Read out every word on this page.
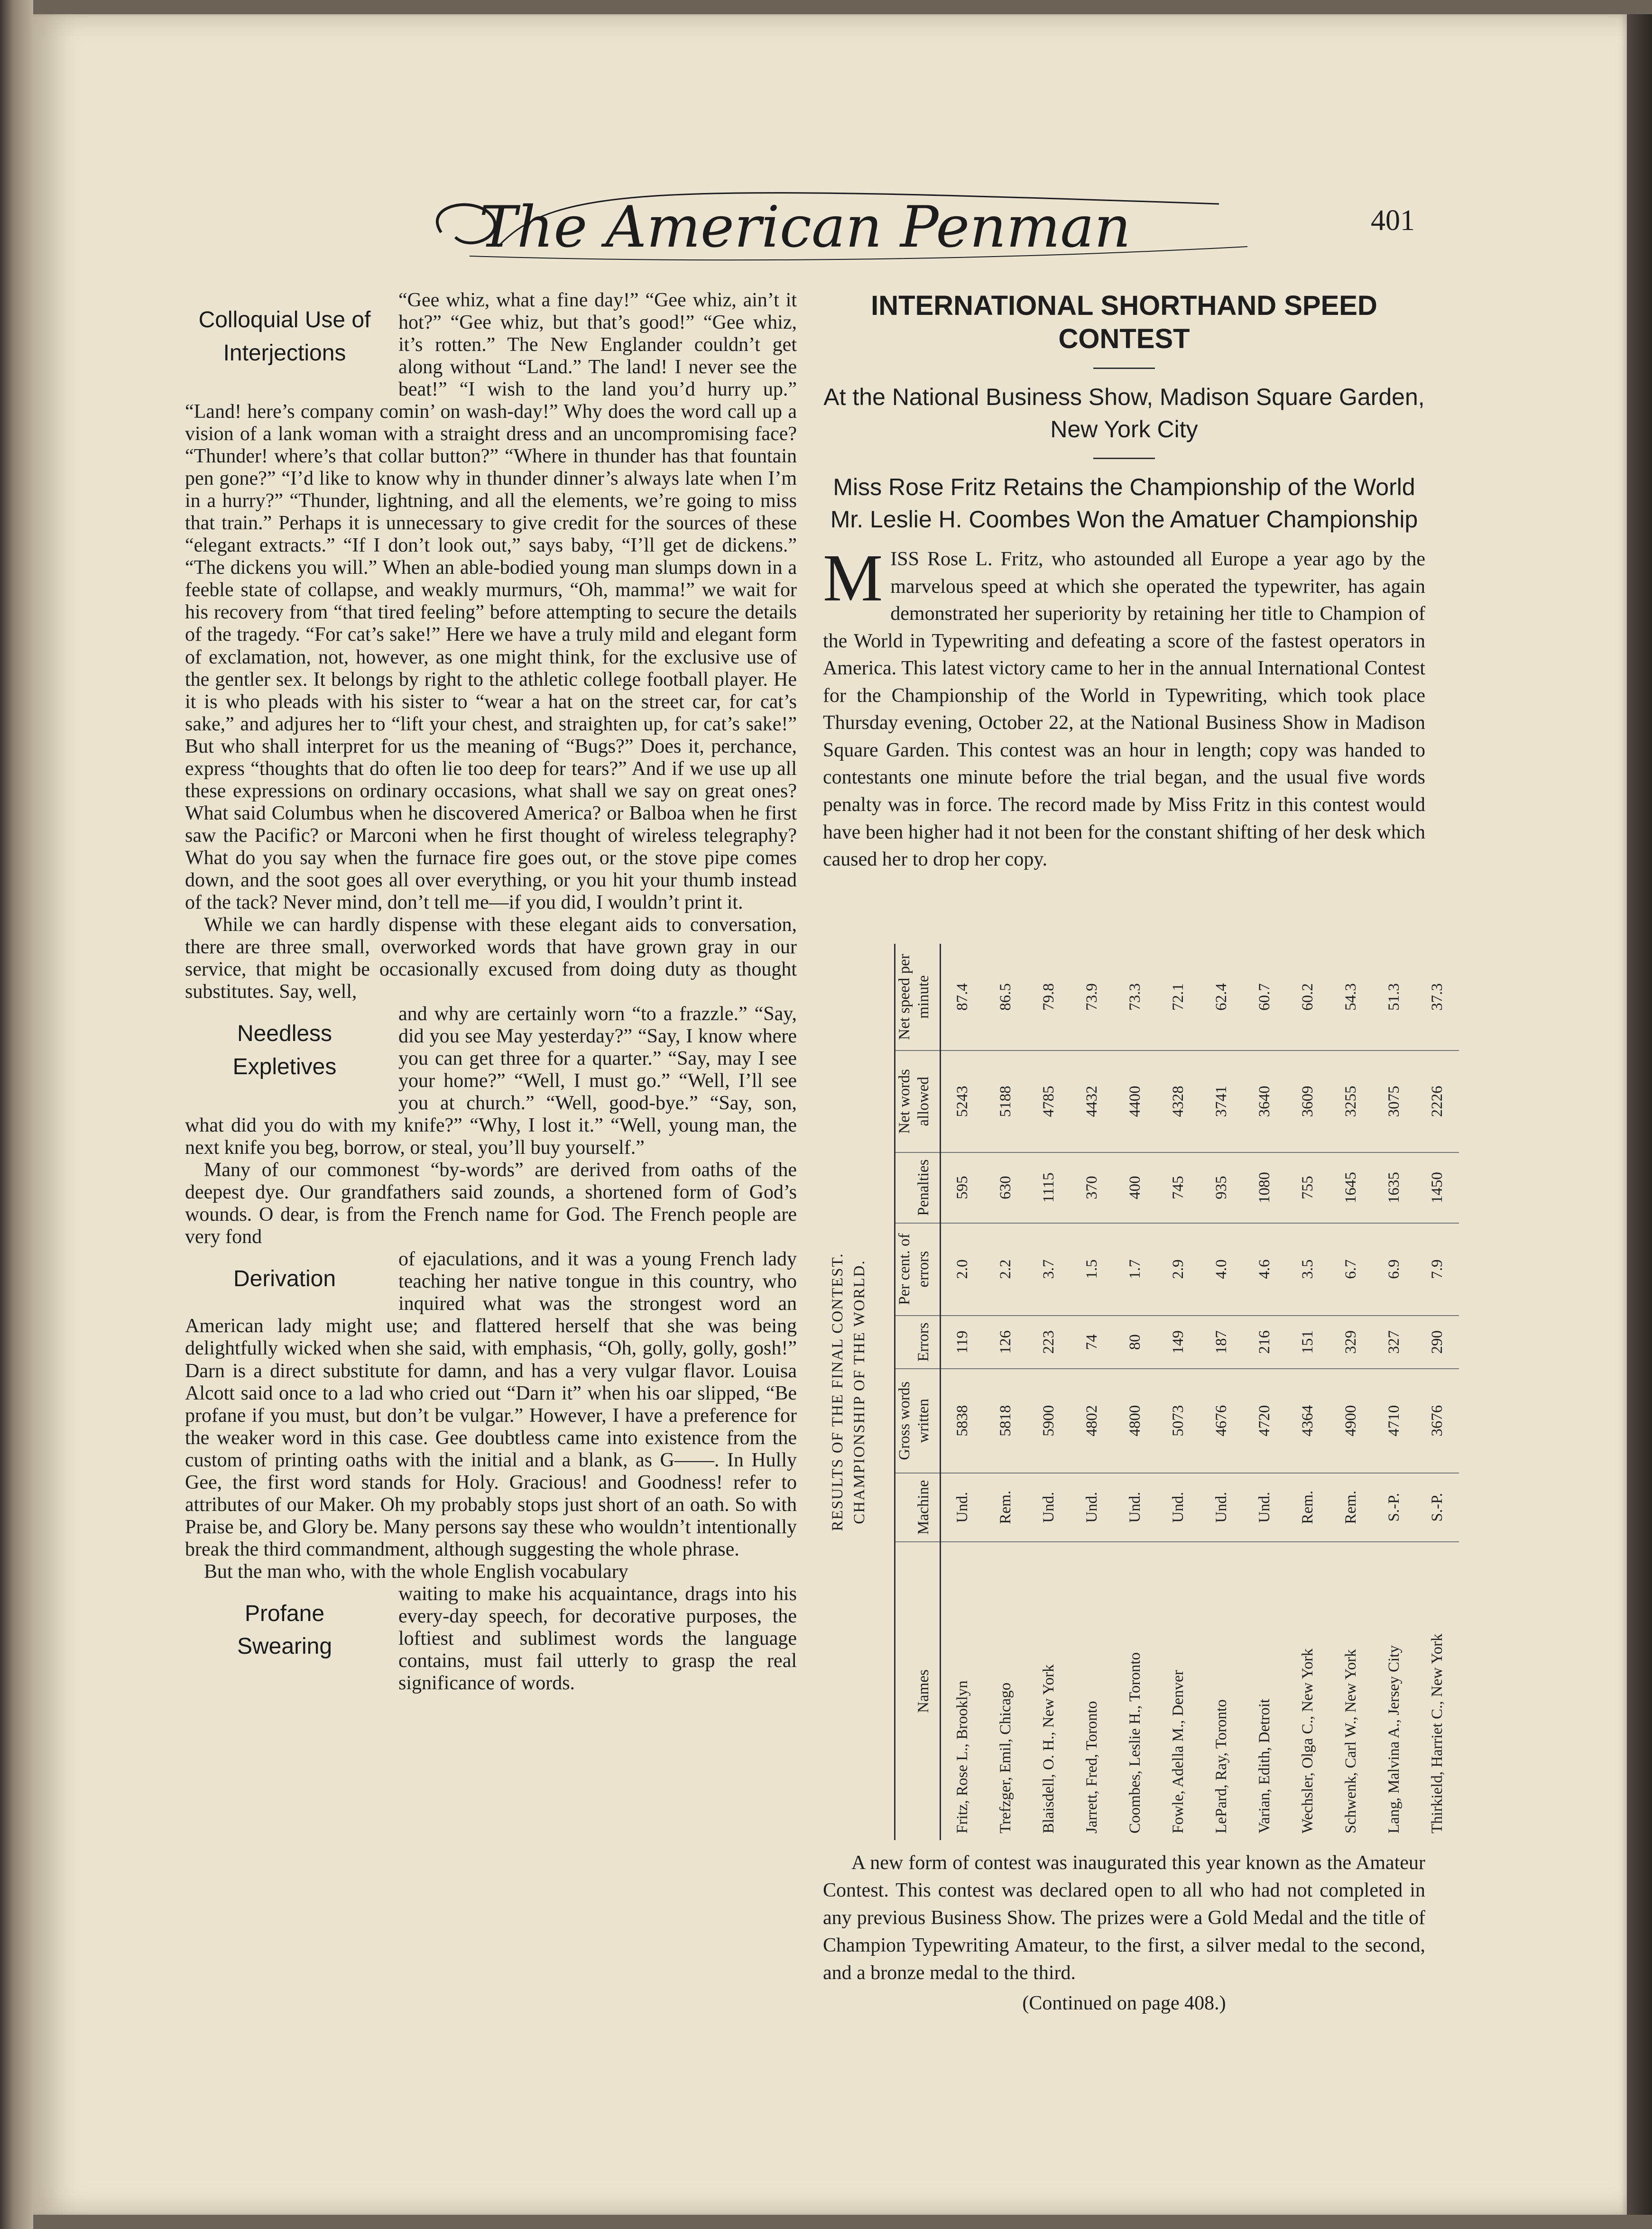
The American Penman	401
Colloquial Use of
Interjections

“Gee whiz, what a fine day!” “Gee whiz, ain’t it hot?” “Gee whiz, but that’s good!” “Gee whiz, it’s rotten.” The New Englander couldn’t get along without “Land.” The land! I never see the beat!” “I wish to the land you’d hurry up.” “Land! here’s company comin’ on wash-day!” Why does the word call up a vision of a lank woman with a straight dress and an uncompromising face? “Thunder! where’s that collar button?” “Where in thunder has that fountain pen gone?” “I’d like to know why in thunder dinner’s always late when I’m in a hurry?” “Thunder, lightning, and all the elements, we’re going to miss that train.” Perhaps it is unnecessary to give credit for the sources of these “elegant extracts.” “If I don’t look out,” says baby, “I’ll get de dickens.” “The dickens you will.” When an able-bodied young man slumps down in a feeble state of collapse, and weakly murmurs, “Oh, mamma!” we wait for his recovery from “that tired feeling” before attempting to secure the details of the tragedy. “For cat’s sake!” Here we have a truly mild and elegant form of exclamation, not, however, as one might think, for the exclusive use of the gentler sex. It belongs by right to the athletic college football player. He it is who pleads with his sister to “wear a hat on the street car, for cat’s sake,” and adjures her to “lift your chest, and straighten up, for cat’s sake!” But who shall interpret for us the meaning of “Bugs?” Does it, perchance, express “thoughts that do often lie too deep for tears?” And if we use up all these expressions on ordinary occasions, what shall we say on great ones? What said Columbus when he discovered America? or Balboa when he first saw the Pacific? or Marconi when he first thought of wireless telegraphy? What do you say when the furnace fire goes out, or the stove pipe comes down, and the soot goes all over everything, or you hit your thumb instead of the tack? Never mind, don’t tell me—if you did, I wouldn’t print it.

While we can hardly dispense with these elegant aids to conversation, there are three small, overworked words that have grown gray in our service, that might be occasionally excused from doing duty as thought substitutes. Say, well,

Needless
Expletives

and why are certainly worn “to a frazzle.” “Say, did you see May yesterday?” “Say, I know where you can get three for a quarter.” “Say, may I see your home?” “Well, I must go.” “Well, I’ll see you at church.” “Well, good-bye.” “Say, son, what did you do with my knife?” “Why, I lost it.” “Well, young man, the next knife you beg, borrow, or steal, you’ll buy yourself.”

Many of our commonest “by-words” are derived from oaths of the deepest dye. Our grandfathers said zounds, a shortened form of God’s wounds. O dear, is from the French name for God. The French people are very fond

Derivation

of ejaculations, and it was a young French lady teaching her native tongue in this country, who inquired what was the strongest word an American lady might use; and flattered herself that she was being delightfully wicked when she said, with emphasis, “Oh, golly, golly, gosh!” Darn is a direct substitute for damn, and has a very vulgar flavor. Louisa Alcott said once to a lad who cried out “Darn it” when his oar slipped, “Be profane if you must, but don’t be vulgar.” However, I have a preference for the weaker word in this case. Gee doubtless came into existence from the custom of printing oaths with the initial and a blank, as G——. In Hully Gee, the first word stands for Holy. Gracious! and Goodness! refer to attributes of our Maker. Oh my probably stops just short of an oath. So with Praise be, and Glory be. Many persons say these who wouldn’t intentionally break the third commandment, although suggesting the whole phrase.

But the man who, with the whole English vocabulary

Profane
Swearing

waiting to make his acquaintance, drags into his every-day speech, for decorative purposes, the loftiest and sublimest words the language contains, must fail utterly to grasp the real significance of words.

INTERNATIONAL SHORTHAND SPEED CONTEST

At the National Business Show, Madison Square Garden, New York City

Miss Rose Fritz Retains the Championship of the World

Mr. Leslie H. Coombes Won the Amatuer Championship

M ISS Rose L. Fritz, who astounded all Europe a year ago by the marvelous speed at which she operated the typewriter, has again demonstrated her superiority by retaining her title to Champion of the World in Typewriting and defeating a score of the fastest operators in America. This latest victory came to her in the annual International Contest for the Championship of the World in Typewriting, which took place Thursday evening, October 22, at the National Business Show in Madison Square Garden. This contest was an hour in length; copy was handed to contestants one minute before the trial began, and the usual five words penalty was in force. The record made by Miss Fritz in this contest would have been higher had it not been for the constant shifting of her desk which caused her to drop her copy.

RESULTS OF THE FINAL CONTEST. CHAMPIONSHIP OF THE WORLD.
Names	Machine	Gross words written	Errors	Per cent. of errors	Penalties	Net words allowed	Net speed per minute
Fritz, Rose L., Brooklyn	Und.	5838	119	2.0	595	5243	87.4
Trefzger, Emil, Chicago	Rem.	5818	126	2.2	630	5188	86.5
Blaisdell, O. H., New York	Und.	5900	223	3.7	1115	4785	79.8
Jarrett, Fred, Toronto	Und.	4802	74	1.5	370	4432	73.9
Coombes, Leslie H., Toronto	Und.	4800	80	1.7	400	4400	73.3
Fowle, Adella M., Denver	Und.	5073	149	2.9	745	4328	72.1
LePard, Ray, Toronto	Und.	4676	187	4.0	935	3741	62.4
Varian, Edith, Detroit	Und.	4720	216	4.6	1080	3640	60.7
Wechsler, Olga C., New York	Rem.	4364	151	3.5	755	3609	60.2
Schwenk, Carl W., New York	Rem.	4900	329	6.7	1645	3255	54.3
Lang, Malvina A., Jersey City	S.-P.	4710	327	6.9	1635	3075	51.3
Thirkield, Harriet C., New York	S.-P.	3676	290	7.9	1450	2226	37.3

A new form of contest was inaugurated this year known as the Amateur Contest. This contest was declared open to all who had not completed in any previous Business Show. The prizes were a Gold Medal and the title of Champion Typewriting Amateur, to the first, a silver medal to the second, and a bronze medal to the third.

(Continued on page 408.)
